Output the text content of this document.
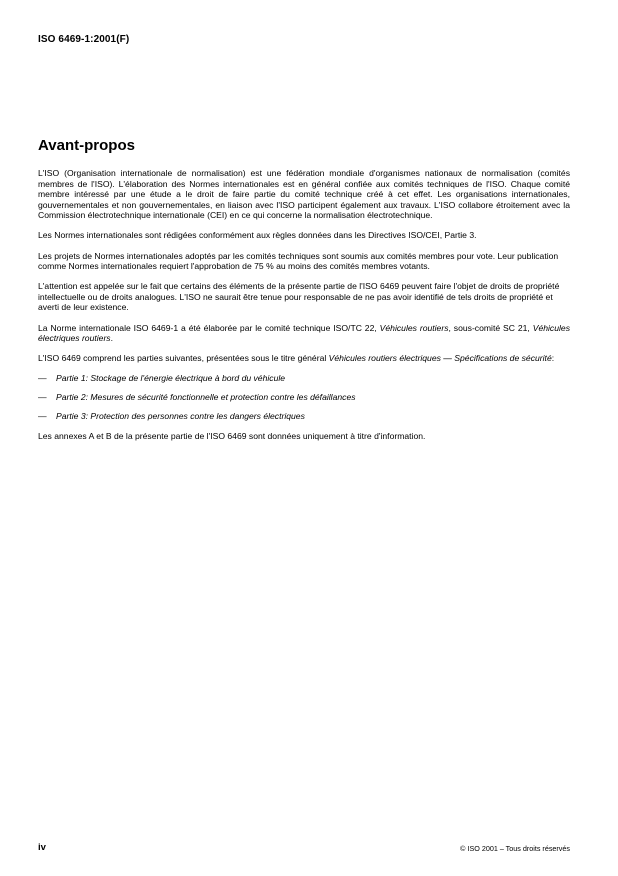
ISO 6469-1:2001(F)
Avant-propos

L'ISO (Organisation internationale de normalisation) est une fédération mondiale d'organismes nationaux de normalisation (comités membres de l'ISO). L'élaboration des Normes internationales est en général confiée aux comités techniques de l'ISO. Chaque comité membre intéressé par une étude a le droit de faire partie du comité technique créé à cet effet. Les organisations internationales, gouvernementales et non gouvernementales, en liaison avec l'ISO participent également aux travaux. L'ISO collabore étroitement avec la Commission électrotechnique internationale (CEI) en ce qui concerne la normalisation électrotechnique.

Les Normes internationales sont rédigées conformément aux règles données dans les Directives ISO/CEI, Partie 3.

Les projets de Normes internationales adoptés par les comités techniques sont soumis aux comités membres pour vote. Leur publication comme Normes internationales requiert l'approbation de 75 % au moins des comités membres votants.

L'attention est appelée sur le fait que certains des éléments de la présente partie de l'ISO 6469 peuvent faire l'objet de droits de propriété intellectuelle ou de droits analogues. L'ISO ne saurait être tenue pour responsable de ne pas avoir identifié de tels droits de propriété et averti de leur existence.

La Norme internationale ISO 6469-1 a été élaborée par le comité technique ISO/TC 22, Véhicules routiers, sous-comité SC 21, Véhicules électriques routiers.

L'ISO 6469 comprend les parties suivantes, présentées sous le titre général Véhicules routiers électriques — Spécifications de sécurité:

—	Partie 1: Stockage de l'énergie électrique à bord du véhicule
—	Partie 2: Mesures de sécurité fonctionnelle et protection contre les défaillances
—	Partie 3: Protection des personnes contre les dangers électriques

Les annexes A et B de la présente partie de l'ISO 6469 sont données uniquement à titre d'information.

iv	© ISO 2001 – Tous droits réservés
